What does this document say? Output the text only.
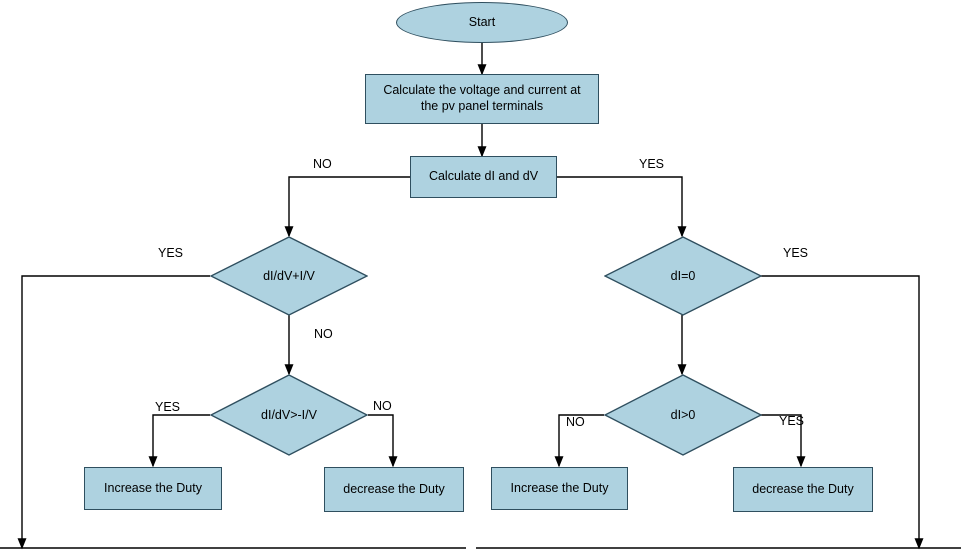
Start
Calculate the voltage and current at the pv panel terminals
Calculate dI and dV
dI/dV+I/V
dI/dV>-I/V
dI=0
dI>0
Increase the Duty	decrease the Duty	Increase the Duty	decrease the Duty
NO	YES
YES
NO
YES	NO
YES
NO	YES
